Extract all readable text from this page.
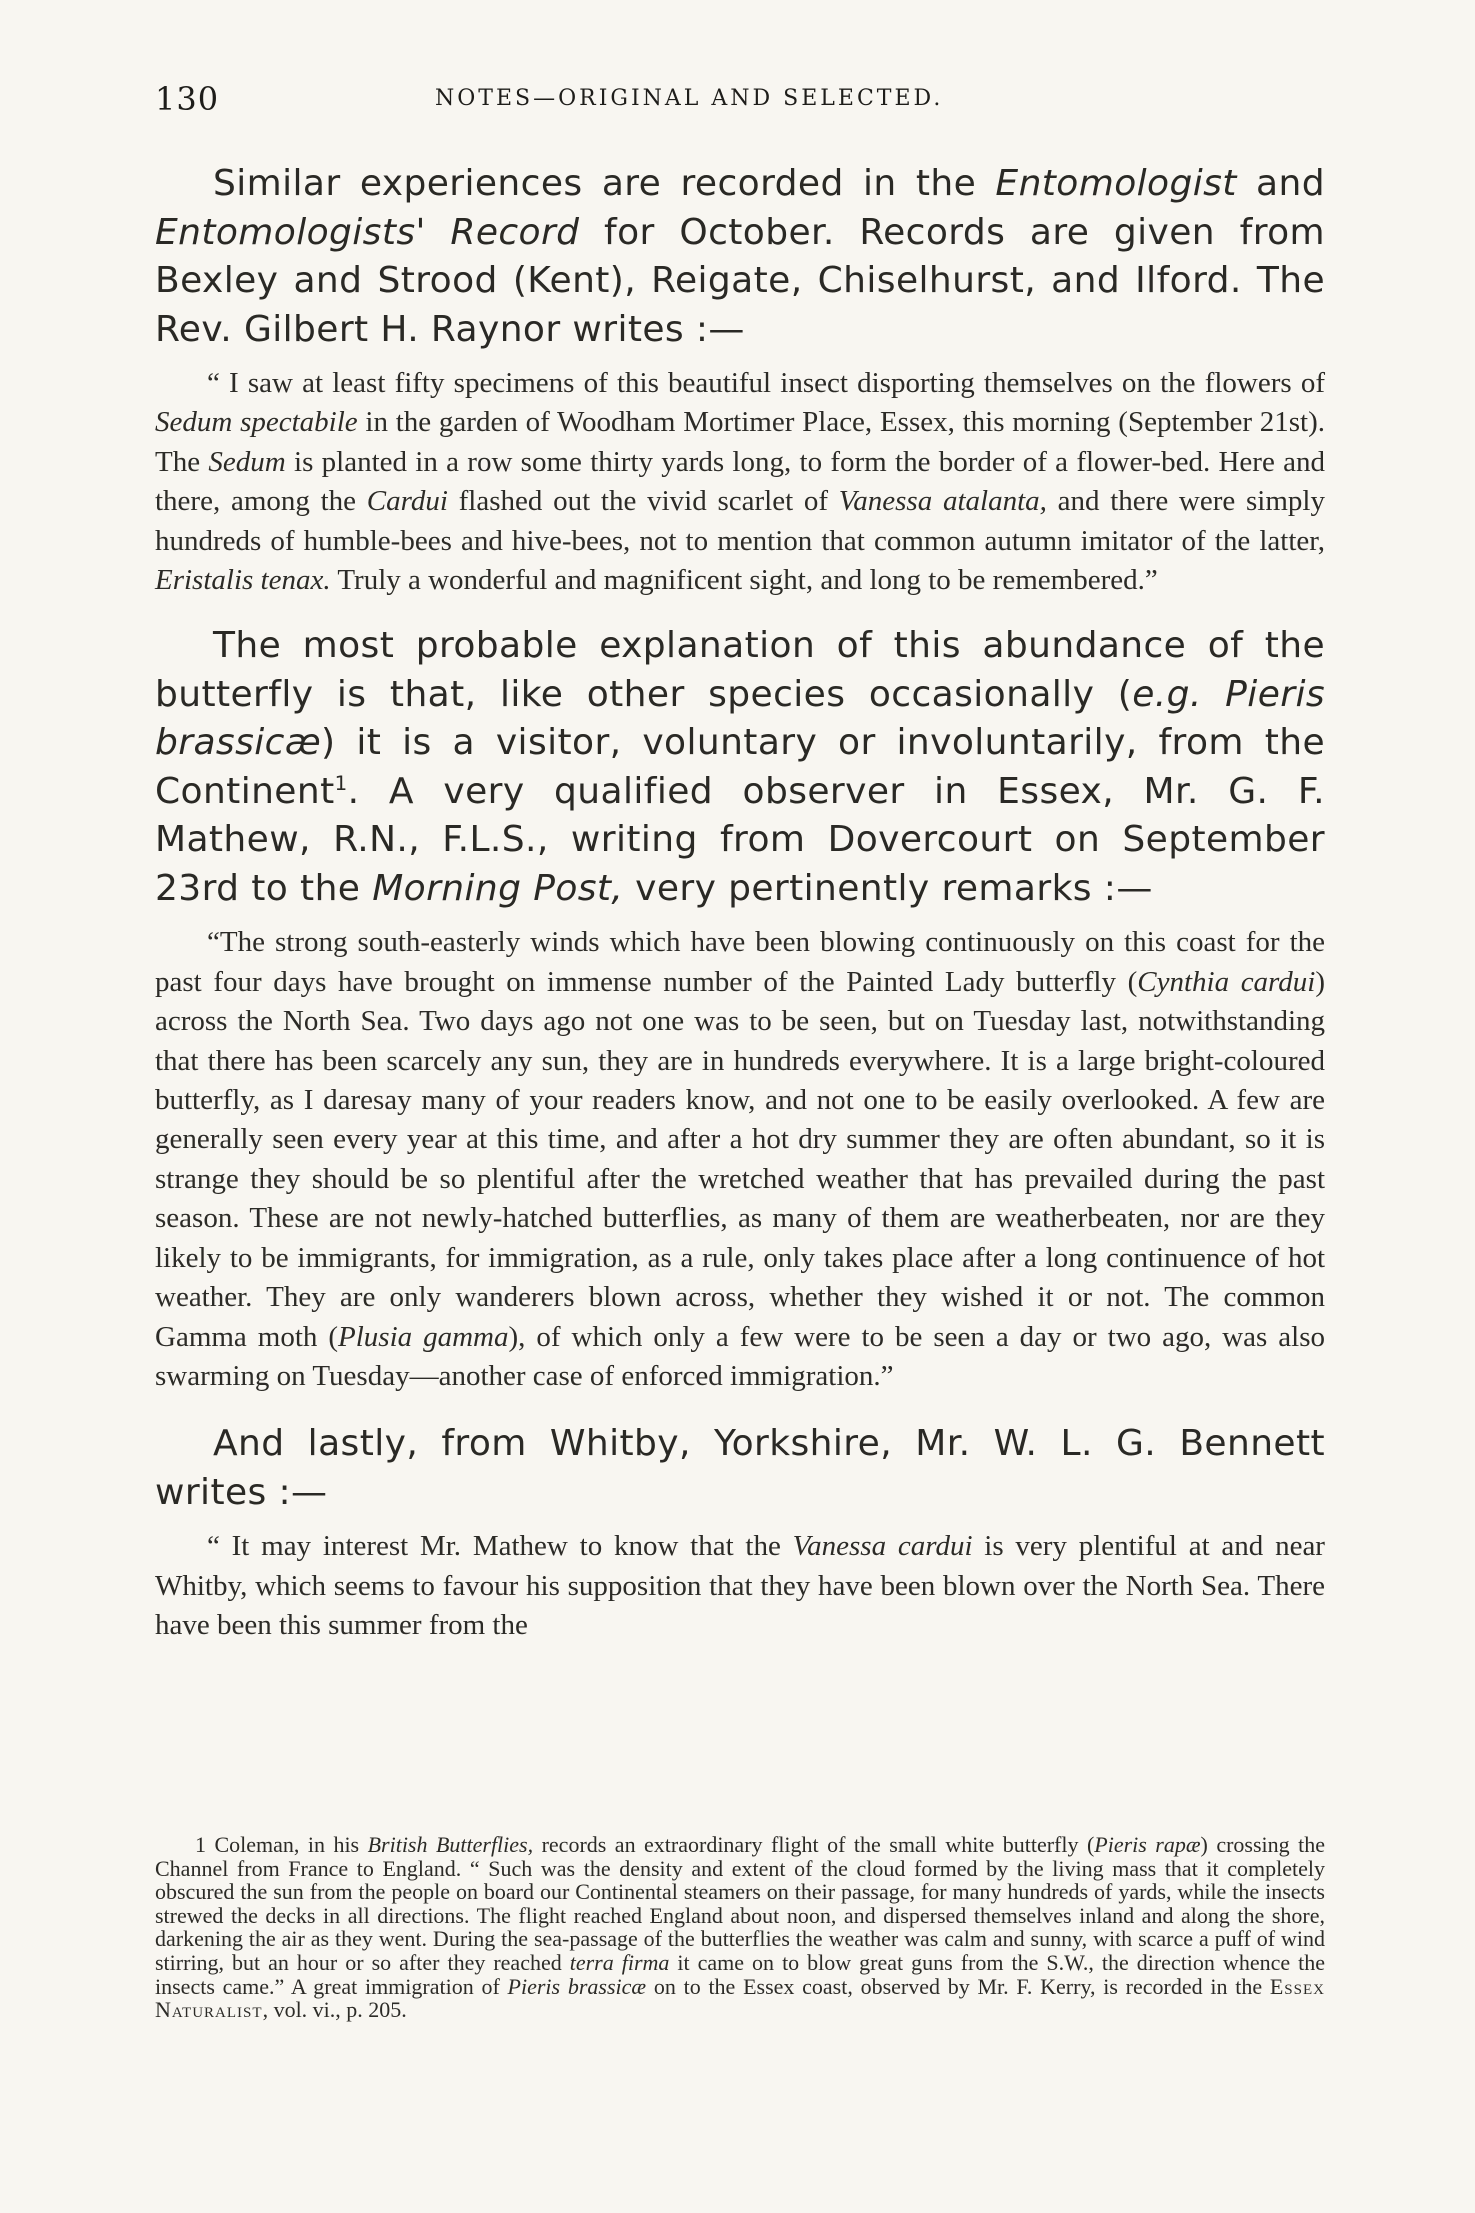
130	NOTES—ORIGINAL AND SELECTED.

Similar experiences are recorded in the Entomologist and Entomologists' Record for October. Records are given from Bexley and Strood (Kent), Reigate, Chiselhurst, and Ilford. The Rev. Gilbert H. Raynor writes :—

“ I saw at least fifty specimens of this beautiful insect disporting themselves on the flowers of Sedum spectabile in the garden of Woodham Mortimer Place, Essex, this morning (September 21st). The Sedum is planted in a row some thirty yards long, to form the border of a flower-bed. Here and there, among the Cardui flashed out the vivid scarlet of Vanessa atalanta, and there were simply hundreds of humble-bees and hive-bees, not to mention that common autumn imitator of the latter, Eristalis tenax. Truly a wonderful and magnificent sight, and long to be remembered.”

The most probable explanation of this abundance of the butterfly is that, like other species occasionally (e.g. Pieris brassicæ) it is a visitor, voluntary or involuntarily, from the Continent$^1$. A very qualified observer in Essex, Mr. G. F. Mathew, R.N., F.L.S., writing from Dovercourt on September 23rd to the Morning Post, very pertinently remarks :—

“The strong south-easterly winds which have been blowing continuously on this coast for the past four days have brought on immense number of the Painted Lady butterfly (Cynthia cardui) across the North Sea. Two days ago not one was to be seen, but on Tuesday last, notwithstanding that there has been scarcely any sun, they are in hundreds everywhere. It is a large bright-coloured butterfly, as I daresay many of your readers know, and not one to be easily overlooked. A few are generally seen every year at this time, and after a hot dry summer they are often abundant, so it is strange they should be so plentiful after the wretched weather that has prevailed during the past season. These are not newly-hatched butterflies, as many of them are weatherbeaten, nor are they likely to be immigrants, for immigration, as a rule, only takes place after a long continuence of hot weather. They are only wanderers blown across, whether they wished it or not. The common Gamma moth (Plusia gamma), of which only a few were to be seen a day or two ago, was also swarming on Tuesday—another case of enforced immigration.”

And lastly, from Whitby, Yorkshire, Mr. W. L. G. Bennett writes :—

“ It may interest Mr. Mathew to know that the Vanessa cardui is very plentiful at and near Whitby, which seems to favour his supposition that they have been blown over the North Sea. There have been this summer from the

1 Coleman, in his British Butterflies, records an extraordinary flight of the small white butterfly (Pieris rapæ) crossing the Channel from France to England. “ Such was the density and extent of the cloud formed by the living mass that it completely obscured the sun from the people on board our Continental steamers on their passage, for many hundreds of yards, while the insects strewed the decks in all directions. The flight reached England about noon, and dispersed themselves inland and along the shore, darkening the air as they went. During the sea-passage of the butterflies the weather was calm and sunny, with scarce a puff of wind stirring, but an hour or so after they reached terra firma it came on to blow great guns from the S.W., the direction whence the insects came.” A great immigration of Pieris brassicæ on to the Essex coast, observed by Mr. F. Kerry, is recorded in the Essex Naturalist, vol. vi., p. 205.
